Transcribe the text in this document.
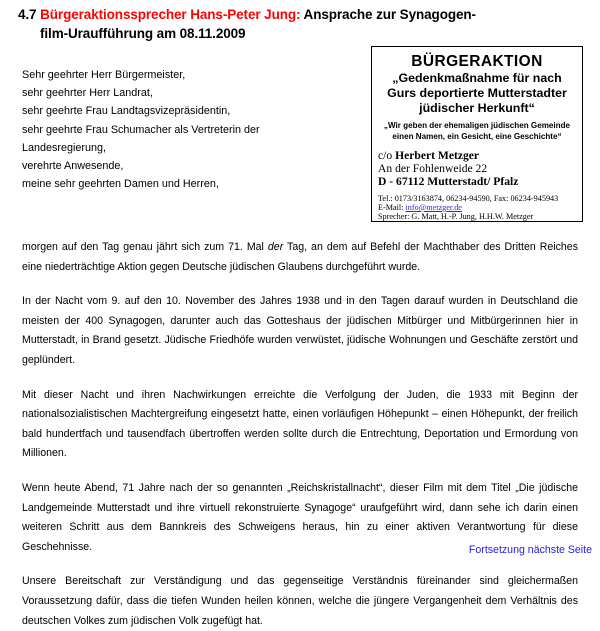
4.7 Bürgeraktionssprecher Hans-Peter Jung: Ansprache zur Synagogen-
film-Uraufführung am 08.11.2009
Sehr geehrter Herr Bürgermeister,
sehr geehrter Herr Landrat,
sehr geehrte Frau Landtagsvizepräsidentin,
sehr geehrte Frau Schumacher als Vertreterin der
Landesregierung,
verehrte Anwesende,
meine sehr geehrten Damen und Herren,
BÜRGERAKTION
„Gedenkmaßnahme für nach
Gurs deportierte Mutterstadter
jüdischer Herkunft“
„Wir geben der ehemaligen jüdischen Gemeinde
einen Namen, ein Gesicht, eine Geschichte“
c/o Herbert Metzger
An der Fohlenweide 22
D - 67112 Mutterstadt/ Pfalz
Tel.: 0173/3163874, 06234-94590, Fax: 06234-945943
E-Mail: info@metzger.de
Sprecher: G. Matt, H.-P. Jung, H.H.W. Metzger

morgen auf den Tag genau jährt sich zum 71. Mal der Tag, an dem auf Befehl der Machthaber des Dritten Reiches eine niederträchtige Aktion gegen Deutsche jüdischen Glaubens durchgeführt wurde.

In der Nacht vom 9. auf den 10. November des Jahres 1938 und in den Tagen darauf wurden in Deutschland die meisten der 400 Synagogen, darunter auch das Gotteshaus der jüdischen Mitbürger und Mitbürgerinnen hier in Mutterstadt, in Brand gesetzt. Jüdische Friedhöfe wurden verwüstet, jüdische Wohnungen und Geschäfte zerstört und geplündert.

Mit dieser Nacht und ihren Nachwirkungen erreichte die Verfolgung der Juden, die 1933 mit Beginn der nationalsozialistischen Machtergreifung eingesetzt hatte, einen vorläufigen Höhepunkt – einen Höhepunkt, der freilich bald hundertfach und tausendfach übertroffen werden sollte durch die Entrechtung, Deportation und Ermordung von Millionen.

Wenn heute Abend, 71 Jahre nach der so genannten „Reichskristallnacht“, dieser Film mit dem Titel „Die jüdische Landgemeinde Mutterstadt und ihre virtuell rekonstruierte Synagoge“ uraufgeführt wird, dann sehe ich darin einen weiteren Schritt aus dem Bannkreis des Schweigens heraus, hin zu einer aktiven Verantwortung für diese Geschehnisse.

Unsere Bereitschaft zur Verständigung und das gegenseitige Verständnis füreinander sind gleichermaßen Voraussetzung dafür, dass die tiefen Wunden heilen können, welche die jüngere Vergangenheit dem Verhältnis des deutschen Volkes zum jüdischen Volk zugefügt hat.

Fortsetzung nächste Seite
